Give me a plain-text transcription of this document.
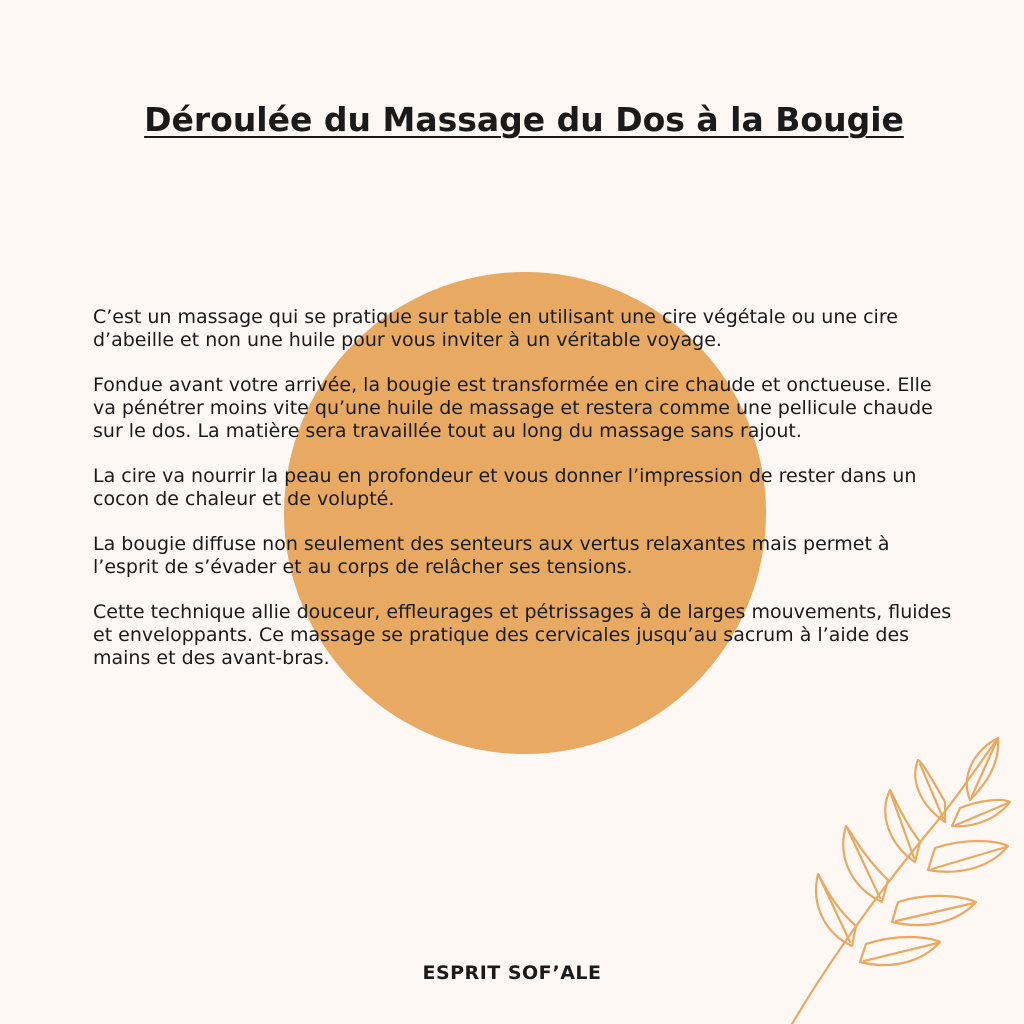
Déroulée du Massage du Dos à la Bougie

C’est un massage qui se pratique sur table en utilisant une cire végétale ou une cire d’abeille et non une huile pour vous inviter à un véritable voyage.

Fondue avant votre arrivée, la bougie est transformée en cire chaude et onctueuse. Elle va pénétrer moins vite qu’une huile de massage et restera comme une pellicule chaude sur le dos. La matière sera travaillée tout au long du massage sans rajout.

La cire va nourrir la peau en profondeur et vous donner l’impression de rester dans un cocon de chaleur et de volupté.

La bougie diffuse non seulement des senteurs aux vertus relaxantes mais permet à l’esprit de s’évader et au corps de relâcher ses tensions.

Cette technique allie douceur, effleurages et pétrissages à de larges mouvements, fluides et enveloppants. Ce massage se pratique des cervicales jusqu’au sacrum à l’aide des mains et des avant-bras.

ESPRIT SOF’ALE
